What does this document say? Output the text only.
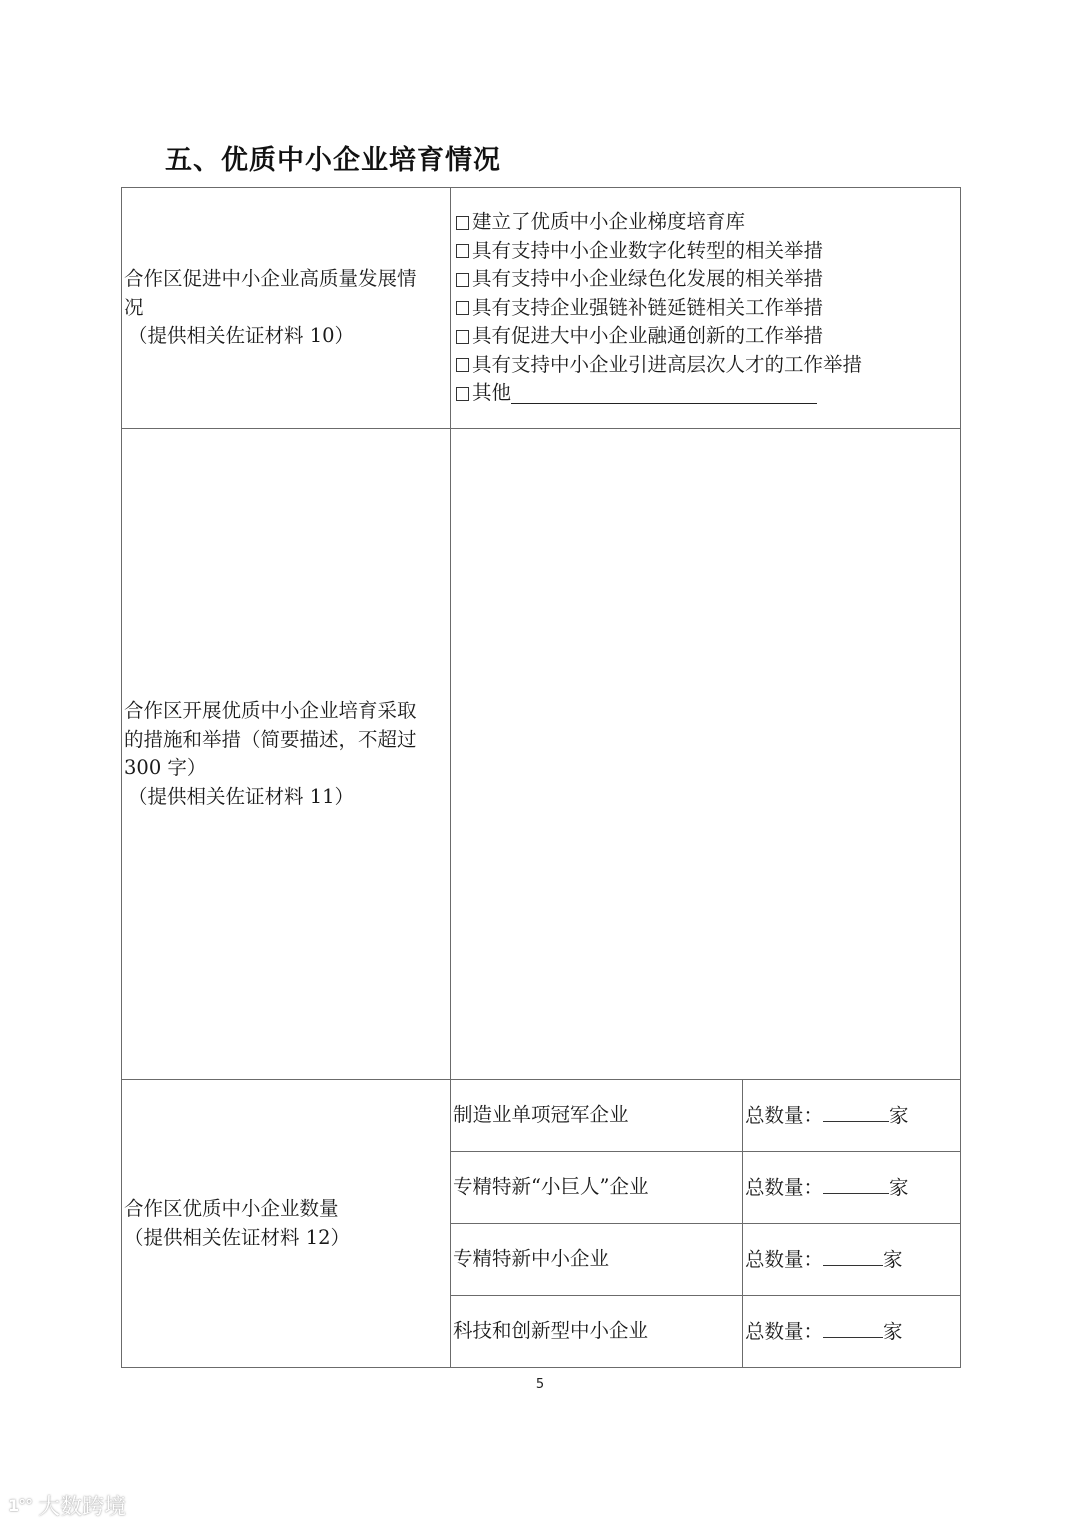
五、优质中小企业培育情况

合作区促进中小企业高质量发展情

况

（提供相关佐证材料 10）

建立了优质中小企业梯度培育库
具有支持中小企业数字化转型的相关举措
具有支持中小企业绿色化发展的相关举措
具有支持企业强链补链延链相关工作举措
具有促进大中小企业融通创新的工作举措
具有支持中小企业引进高层次人才的工作举措
其他

合作区开展优质中小企业培育采取

的措施和举措（简要描述，不超过

300 字）

（提供相关佐证材料 11）		

合作区优质中小企业数量

（提供相关佐证材料 12）	制造业单项冠军企业	总数量： 家
	专精特新“小巨人”企业	总数量： 家
	专精特新中小企业	总数量： 家
	科技和创新型中小企业	总数量： 家
5
1°° 大数跨境
